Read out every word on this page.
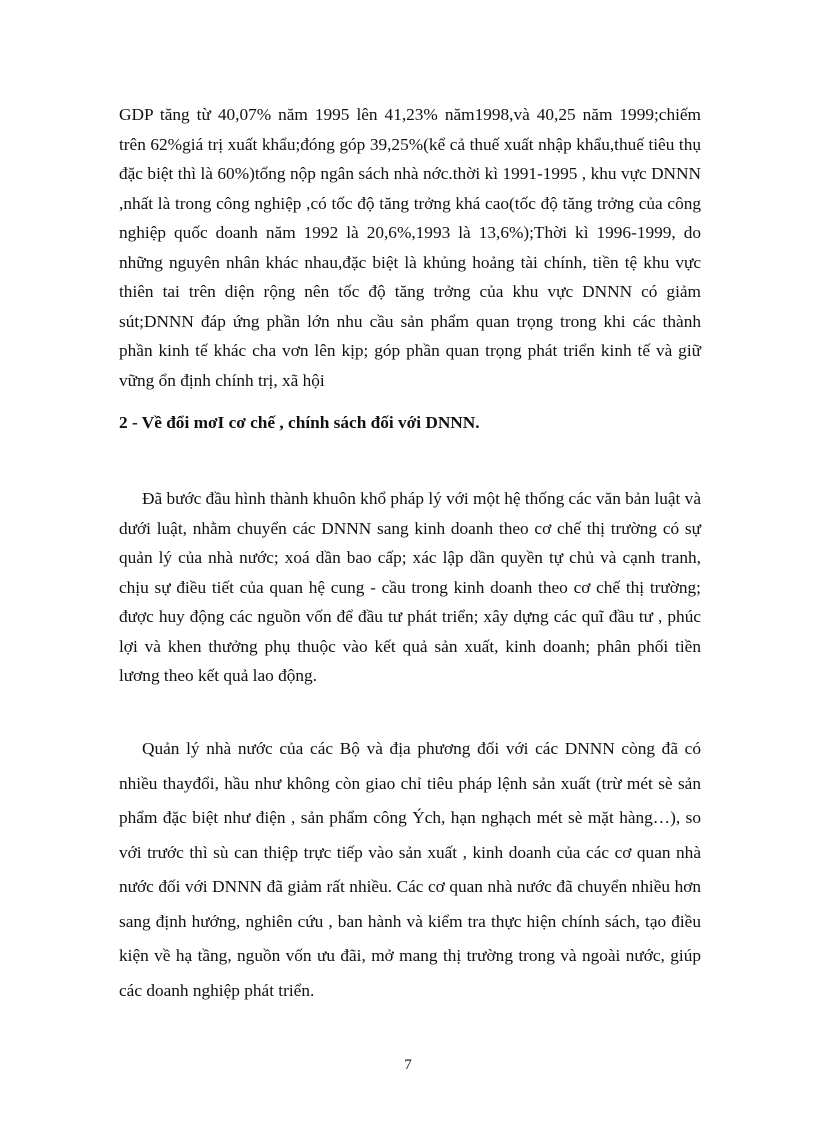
GDP tăng từ 40,07% năm 1995 lên 41,23% năm1998,và 40,25 năm 1999;chiếm trên 62%giá trị xuất khẩu;đóng góp 39,25%(kể cả thuế xuất nhập khẩu,thuế tiêu thụ đặc biệt thì là 60%)tổng nộp ngân sách nhà nớc.thời kì 1991-1995 , khu vực DNNN ,nhất là trong công nghiệp ,có tốc độ tăng trởng khá cao(tốc độ tăng trởng của công nghiệp quốc doanh năm 1992 là 20,6%,1993 là 13,6%);Thời kì 1996-1999, do những nguyên nhân khác nhau,đặc biệt là khủng hoảng tài chính, tiền tệ khu vực thiên tai trên diện rộng nên tốc độ tăng trởng của khu vực DNNN có giảm sút;DNNN đáp ứng phần lớn nhu cầu sản phẩm quan trọng trong khi các thành phần kinh tế khác cha vơn lên kịp; góp phần quan trọng phát triển kinh tế và giữ vững ổn định chính trị, xã hội

2 - Về đổi mơI cơ chế , chính sách đối với DNNN.

Đã bước đầu hình thành khuôn khổ pháp lý với một hệ thống các văn bản luật và dưới luật, nhằm chuyển các DNNN sang kinh doanh theo cơ chế thị trường có sự quản lý của nhà nước; xoá dần bao cấp; xác lập dần quyền tự chủ và cạnh tranh, chịu sự điều tiết của quan hệ cung - cầu trong kinh doanh theo cơ chế thị trường; được huy động các nguồn vốn để đầu tư phát triển; xây dựng các quĩ đầu tư , phúc lợi và khen thưởng phụ thuộc vào kết quả sản xuất, kinh doanh; phân phối tiền lương theo kết quả lao động.

Quản lý nhà nước của các Bộ và địa phương đối với các DNNN còng đã có nhiều thayđổi, hầu như không còn giao chỉ tiêu pháp lệnh sản xuất (trừ mét sè sản phẩm đặc biệt như điện , sản phẩm công Ých, hạn nghạch mét sè mặt hàng…), so với trước thì sù can thiệp trực tiếp vào sản xuất , kinh doanh của các cơ quan nhà nước đối với DNNN đã giảm rất nhiều. Các cơ quan nhà nước đã chuyển nhiều hơn sang định hướng, nghiên cứu , ban hành và kiểm tra thực hiện chính sách, tạo điều kiện về hạ tầng, nguồn vốn ưu đãi, mở mang thị trường trong và ngoài nước, giúp các doanh nghiệp phát triển.

7
